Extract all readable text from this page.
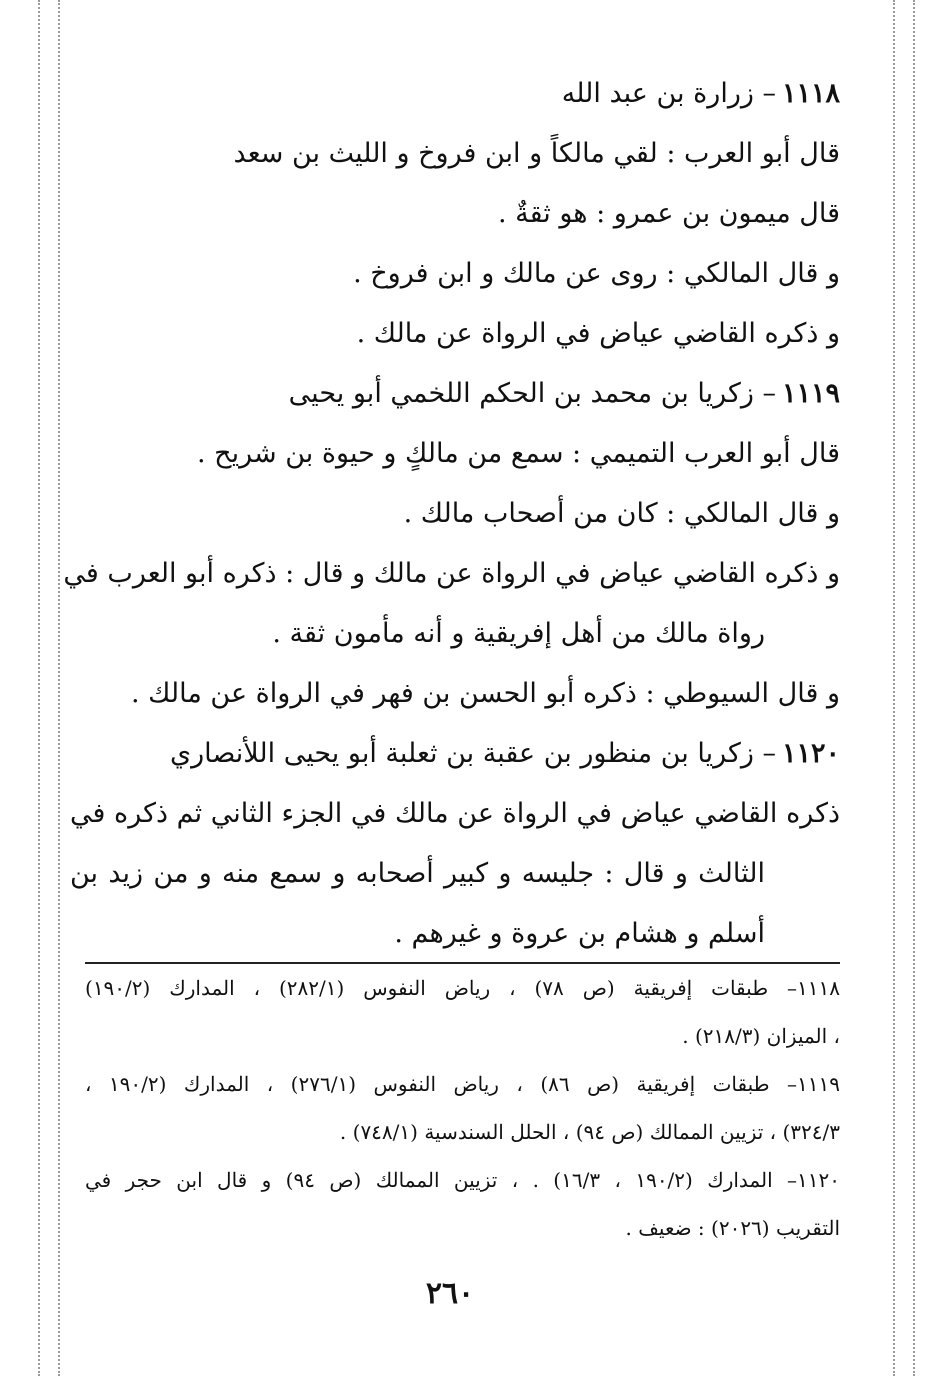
١١١٨– زرارة بن عبد الله
قال أبو العرب : لقي مالكاً و ابن فروخ و الليث بن سعد
قال ميمون بن عمرو : هو ثقةٌ .
و قال المالكي : روى عن مالك و ابن فروخ .
و ذكره القاضي عياض في الرواة عن مالك .
١١١٩– زكريا بن محمد بن الحكم اللخمي أبو يحيى
قال أبو العرب التميمي : سمع من مالكٍ و حيوة بن شريح .
و قال المالكي : كان من أصحاب مالك .
و ذكره القاضي عياض في الرواة عن مالك و قال : ذكره أبو العرب في
رواة مالك من أهل إفريقية و أنه مأمون ثقة .
و قال السيوطي : ذكره أبو الحسن بن فهر في الرواة عن مالك .
١١٢٠– زكريا بن منظور بن عقبة بن ثعلبة أبو يحيى اللأنصاري
ذكره القاضي عياض في الرواة عن مالك في الجزء الثاني ثم ذكره في
الثالث و قال : جليسه و كبير أصحابه و سمع منه و من زيد بن
أسلم و هشام بن عروة و غيرهم .
١١١٨– طبقات إفريقية (ص ٧٨) ، رياض النفوس (٢٨٢/١) ، المدارك (١٩٠/٢)
، الميزان (٢١٨/٣) .
١١١٩– طبقات إفريقية (ص ٨٦) ، رياض النفوس (٢٧٦/١) ، المدارك (١٩٠/٢ ،
٣٢٤/٣) ، تزيين الممالك (ص ٩٤) ، الحلل السندسية (٧٤٨/١) .
١١٢٠– المدارك (١٩٠/٢ ، ١٦/٣) . ، تزيين الممالك (ص ٩٤) و قال ابن حجر في
التقريب (٢٠٢٦) : ضعيف .
٢٦٠
